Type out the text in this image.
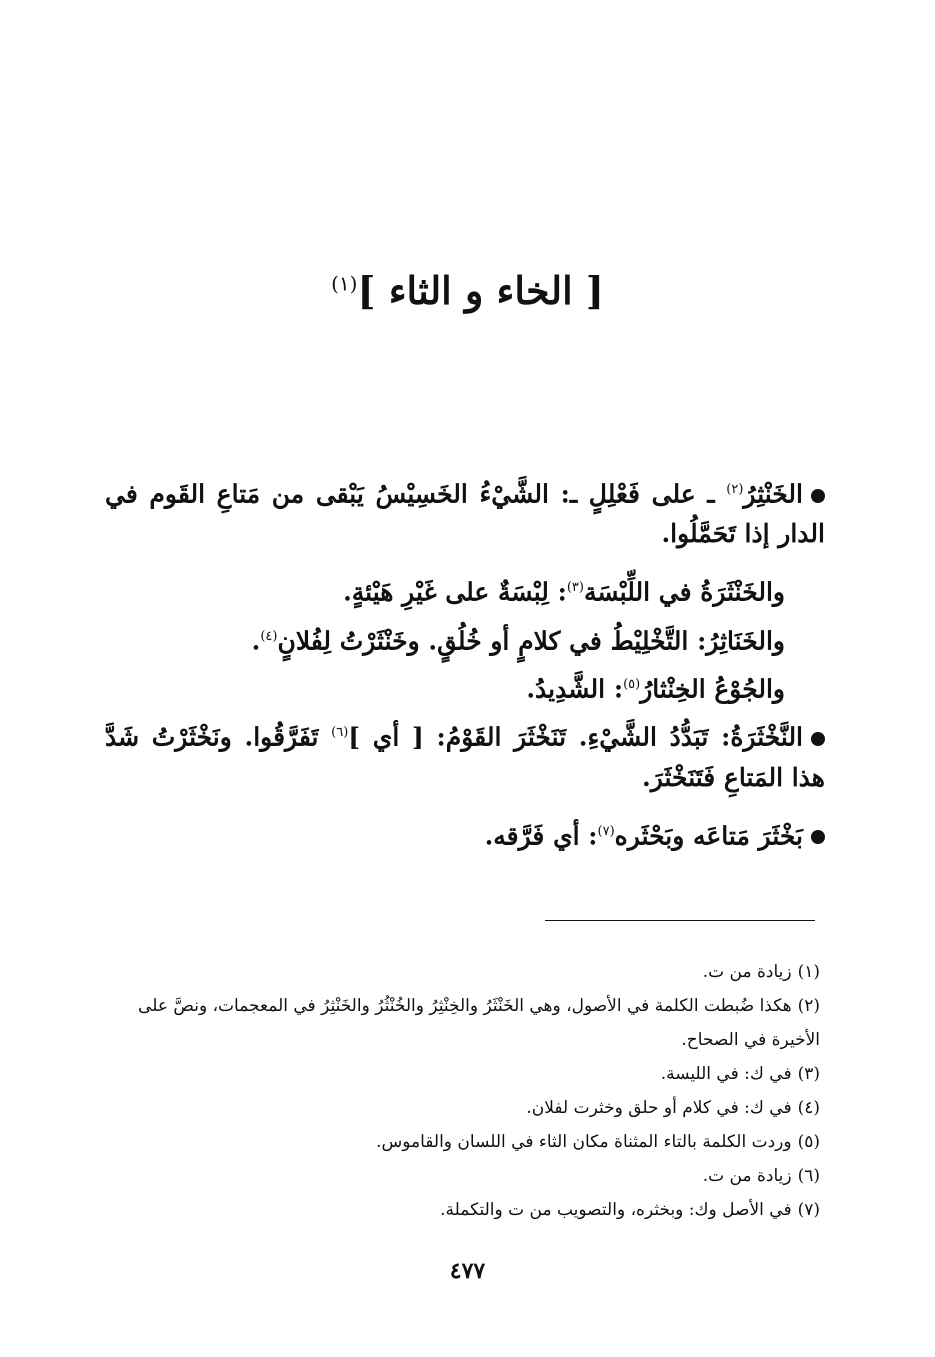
[ الخاء و الثاء ]$^{(١)}$

الخَنْثِرُ$^{(٢)}$ ـ على فَعْلِلٍ ـ: الشَّيْءُ الخَسِيْسُ يَبْقى من مَتاعِ القَوم في الدار إذا تَحَمَّلُوا.

والخَنْثَرَةُ في اللِّبْسَة$^{(٣)}$: لِبْسَةٌ على غَيْرِ هَيْئةٍ.

والخَنَاثِرُ: التَّخْلِيْطُ في كلامٍ أو خُلُقٍ. وخَنْثَرْتُ لِفُلانٍ$^{(٤)}$.

والجُوْعُ الخِنْثارُ$^{(٥)}$: الشَّدِيدُ.

النَّخْثَرَةُ: تَبَدُّدُ الشَّيْءِ. تَنَخْثَرَ القَوْمُ: [ أي ]$^{(٦)}$ تَفَرَّقُوا. ونَخْثَرْتُ شَدَّ هذا المَتاعِ فَتَنَخْثَرَ.

بَخْثَرَ مَتاعَه وبَحْثَره$^{(٧)}$: أي فَرَّقه.

(١)زيادة من ت.

(٢)هكذا ضُبطت الكلمة في الأصول، وهي الخَنْثَرُ والخِنْثِرُ والخُنْثُرُ والخَنْثِرُ في المعجمات، ونصَّ على الأخيرة في الصحاح.

(٣)في ك: في الليسة.

(٤)في ك: في كلام أو حلق وخثرت لفلان.

(٥)وردت الكلمة بالتاء المثناة مكان الثاء في اللسان والقاموس.

(٦)زيادة من ت.

(٧)في الأصل وك: وبخثره، والتصويب من ت والتكملة.

٤٧٧
